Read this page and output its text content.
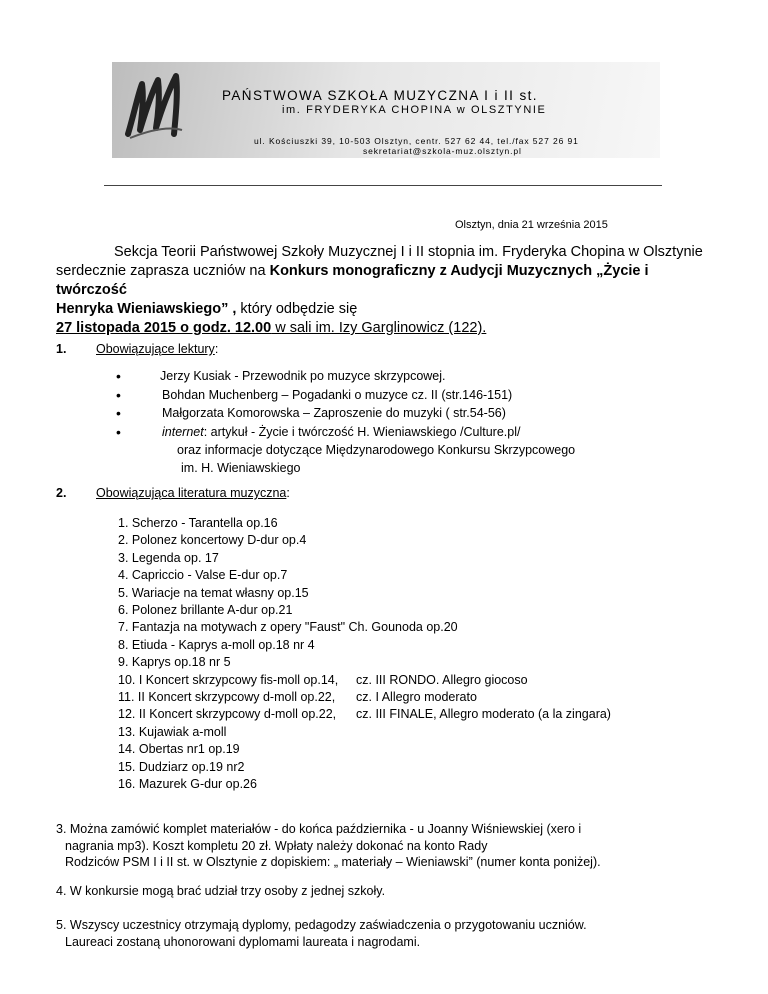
PAŃSTWOWA SZKOŁA MUZYCZNA I i II st.
im. FRYDERYKA CHOPINA w OLSZTYNIE
ul. Kościuszki 39, 10-503 Olsztyn, centr. 527 62 44, tel./fax 527 26 91
sekretariat@szkola-muz.olsztyn.pl
Olsztyn, dnia 21 września 2015

Sekcja Teorii Państwowej Szkoły Muzycznej I i II stopnia im. Fryderyka Chopina w Olsztynie

serdecznie zaprasza uczniów na Konkurs monograficzny z Audycji Muzycznych „Życie i twórczość

Henryka Wieniawskiego” , który odbędzie się

27 listopada 2015 o godz. 12.00 w sali im. Izy Garglinowicz (122).

1. Obowiązujące lektury:
•
Jerzy Kusiak - Przewodnik po muzyce skrzypcowej.
•
Bohdan Muchenberg – Pogadanki o muzyce cz. II (str.146-151)
•
Małgorzata Komorowska – Zaproszenie do muzyki ( str.54-56)
•
internet: artykuł - Życie i twórczość H. Wieniawskiego /Culture.pl/
oraz informacje dotyczące Międzynarodowego Konkursu Skrzypcowego
im. H. Wieniawskiego
2. Obowiązująca literatura muzyczna:
1. Scherzo - Tarantella op.16
2. Polonez koncertowy D-dur op.4
3. Legenda op. 17
4. Capriccio - Valse E-dur op.7
5. Wariacje na temat własny op.15
6. Polonez brillante A-dur op.21
7. Fantazja na motywach z opery "Faust" Ch. Gounoda op.20
8. Etiuda - Kaprys a-moll op.18 nr 4
9. Kaprys op.18 nr 5
10. I Koncert skrzypcowy fis-moll op.14, cz. III RONDO. Allegro giocoso
11. II Koncert skrzypcowy d-moll op.22, cz. I Allegro moderato
12. II Koncert skrzypcowy d-moll op.22, cz. III FINALE, Allegro moderato (a la zingara)
13. Kujawiak a-moll
14. Obertas nr1 op.19
15. Dudziarz op.19 nr2
16. Mazurek G-dur op.26
3. Można zamówić komplet materiałów - do końca października - u Joanny Wiśniewskiej (xero i
nagrania mp3). Koszt kompletu 20 zł. Wpłaty należy dokonać na konto Rady
Rodziców PSM I i II st. w Olsztynie z dopiskiem: „ materiały – Wieniawski” (numer konta poniżej).
4. W konkursie mogą brać udział trzy osoby z jednej szkoły.
5. Wszyscy uczestnicy otrzymają dyplomy, pedagodzy zaświadczenia o przygotowaniu uczniów.
Laureaci zostaną uhonorowani dyplomami laureata i nagrodami.
